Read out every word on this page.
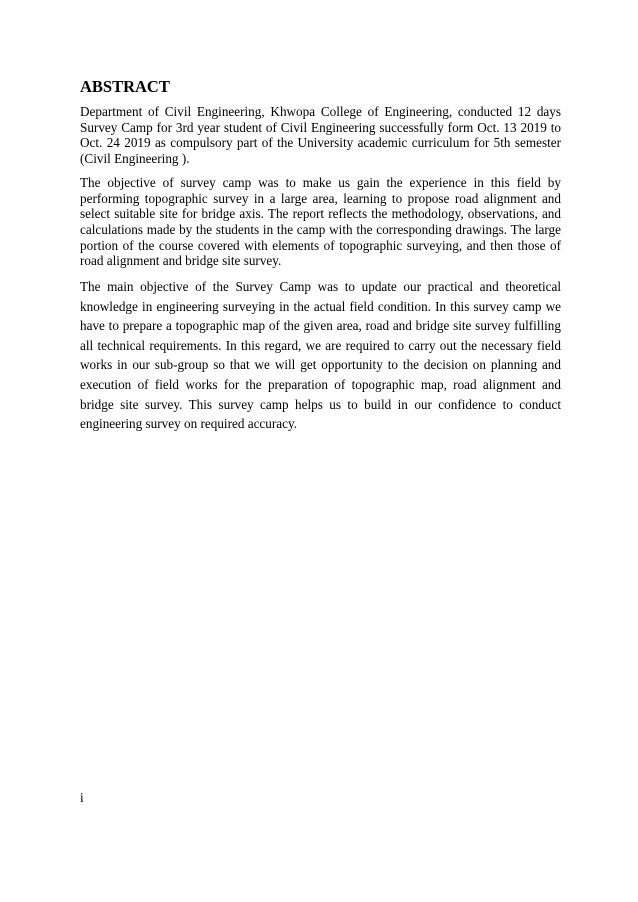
ABSTRACT

Department of Civil Engineering, Khwopa College of Engineering, conducted 12 days Survey Camp for 3rd year student of Civil Engineering successfully form Oct. 13 2019 to Oct. 24 2019 as compulsory part of the University academic curriculum for 5th semester (Civil Engineering ).

The objective of survey camp was to make us gain the experience in this field by performing topographic survey in a large area, learning to propose road alignment and select suitable site for bridge axis. The report reflects the methodology, observations, and calculations made by the students in the camp with the corresponding drawings. The large portion of the course covered with elements of topographic surveying, and then those of road alignment and bridge site survey.

The main objective of the Survey Camp was to update our practical and theoretical knowledge in engineering surveying in the actual field condition. In this survey camp we have to prepare a topographic map of the given area, road and bridge site survey fulfilling all technical requirements. In this regard, we are required to carry out the necessary field works in our sub-group so that we will get opportunity to the decision on planning and execution of field works for the preparation of topographic map, road alignment and bridge site survey. This survey camp helps us to build in our confidence to conduct engineering survey on required accuracy.

i
